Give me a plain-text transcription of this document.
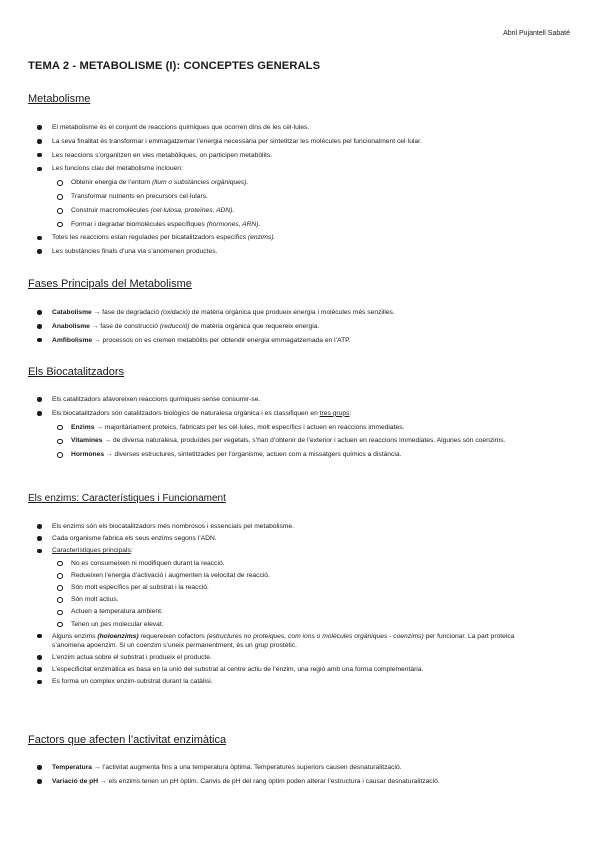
Abril Pujantell Sabaté
TEMA 2 - METABOLISME (I): CONCEPTES GENERALS
Metabolisme
El metabolisme és el conjunt de reaccions químiques que ocorren dins de les cèl·lules.
La seva finalitat és transformar i emmagatzemar l’energia necessària per sintetitzar les molècules pel funcionalment cel·lular.
Les reaccions s’organitzen en vies metabòliques, on participen metabòlits.
Les funcions clau del metabolisme inclouen:
Obtenir energia de l’entorn (llum o substàncies orgàniques).
Transformar nutrients en precursors cel·lulars.
Construir macromolècules (cel·lulosa, proteïnes, ADN).
Formar i degradar biomolècules específiques (hormones, ARN).
Totes les reaccions estan regulades per bicatalitzadors específics (enzims).
Les substàncies finals d’una via s’anomenen productes.
Fases Principals del Metabolisme
Catabolisme → fase de degradació (oxidació) de matèria orgànica que produeix energia i molècules més senzilles.
Anabolisme → fase de construcció (reducció) de matèria orgànica que requereix energia.
Amfibolisme → processos on es cremen metabòlits per obtendir energia emmagatzemada en l’ATP.
Els Biocatalitzadors
Els catalitzadors afavoreixen reaccions químiques sense consumir-se.
Els biocatalitzadors són catalitzadors biològics de naturalesa orgànica i es classifiquen en tres grups:
Enzims → majoritàriament proteics, fabricats per les cèl·lules, molt específics i actuen en reaccions immediates.
Vitamines → de diversa naturalesa, produïdes per vegetals, s’han d’obtenir de l’exterior i actuen en reaccions immediates. Algunes són coenzims.
Hormones → diverses estructures, sintetitzades per l’organisme, actuen com a missatgers químics a distància.
Els enzims: Característiques i Funcionament
Els enzims són els biocatalitzadors més nombrosos i essencials pel metabolisme.
Cada organisme fabrica els seus enzims segons l’ADN.
Característiques principals:
No es consumeixen ni modifiquen durant la reacció.
Redueixen l’energia d’activació i augmenten la velocitat de reacció.
Són molt específics per al substrat i la reacció.
Són molt actius.
Actuen a temperatura ambient.
Tenen un pes molecular elevat.
Alguns enzims (holoenzims) requereixen cofactors (estructures no proteiques, com ions o molècules orgàniques - coenzims) per funcionar. La part proteica s’anomena apoenzim. Si un coenzim s’uneix permanentment, és un grup prostètic.
L’enzim actua sobre el substrat i produeix el producte.
L’especificitat enzimàtica es basa en la unió del substrat al centre actiu de l’enzim, una regió amb una forma complementària.
Es forma un complex enzim-substrat durant la catàlisi.
Factors que afecten l’activitat enzimàtica
Temperatura → l’activitat augmenta fins a una temperatura òptima. Temperatures superiors causen desnaturalització.
Variació de pH → els enzims tenen un pH òptim. Canvis de pH del rang òptim poden alterar l’estructura i causar desnaturalització.
